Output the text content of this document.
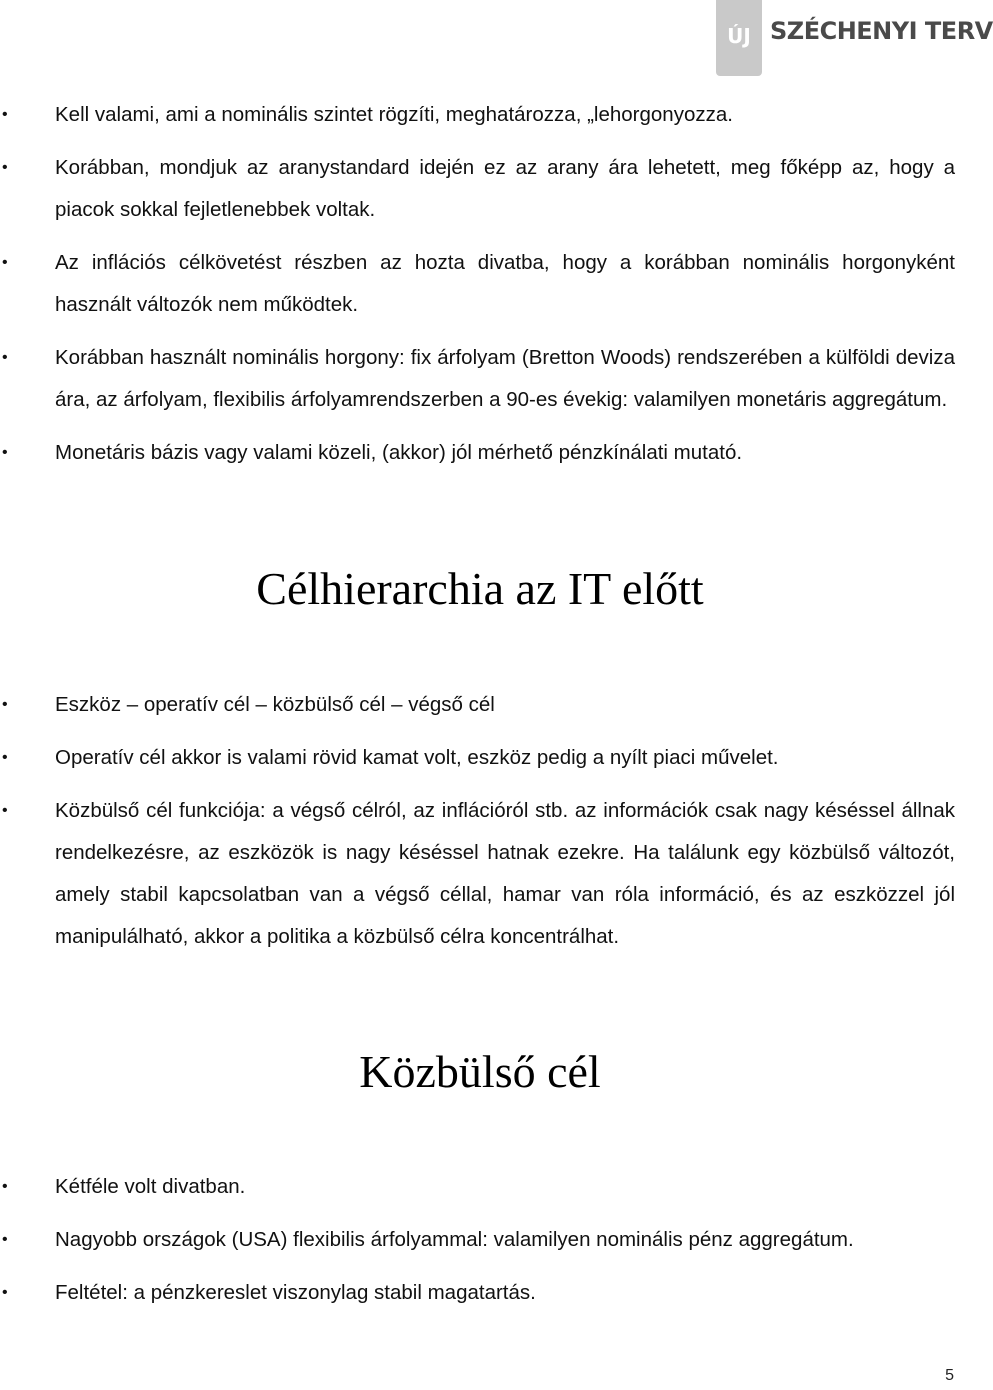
ÚJ SZÉCHENYI TERV
• Kell valami, ami a nominális szintet rögzíti, meghatározza, „lehorgonyozza.
• Korábban, mondjuk az aranystandard idején ez az arany ára lehetett, meg főképp az, hogy a piacok sokkal fejletlenebbek voltak.
• Az inflációs célkövetést részben az hozta divatba, hogy a korábban nominális horgonyként használt változók nem működtek.
• Korábban használt nominális horgony: fix árfolyam (Bretton Woods) rendszerében a külföldi deviza ára, az árfolyam, flexibilis árfolyamrendszerben a 90-es évekig: valamilyen monetáris aggregátum.
• Monetáris bázis vagy valami közeli, (akkor) jól mérhető pénzkínálati mutató.
Célhierarchia az IT előtt
• Eszköz – operatív cél – közbülső cél – végső cél
• Operatív cél akkor is valami rövid kamat volt, eszköz pedig a nyílt piaci művelet.
• Közbülső cél funkciója: a végső célról, az inflációról stb. az információk csak nagy késéssel állnak rendelkezésre, az eszközök is nagy késéssel hatnak ezekre. Ha találunk egy közbülső változót, amely stabil kapcsolatban van a végső céllal, hamar van róla információ, és az eszközzel jól manipulálható, akkor a politika a közbülső célra koncentrálhat.
Közbülső cél
• Kétféle volt divatban.
• Nagyobb országok (USA) flexibilis árfolyammal: valamilyen nominális pénz aggregátum.
• Feltétel: a pénzkereslet viszonylag stabil magatartás.
5
